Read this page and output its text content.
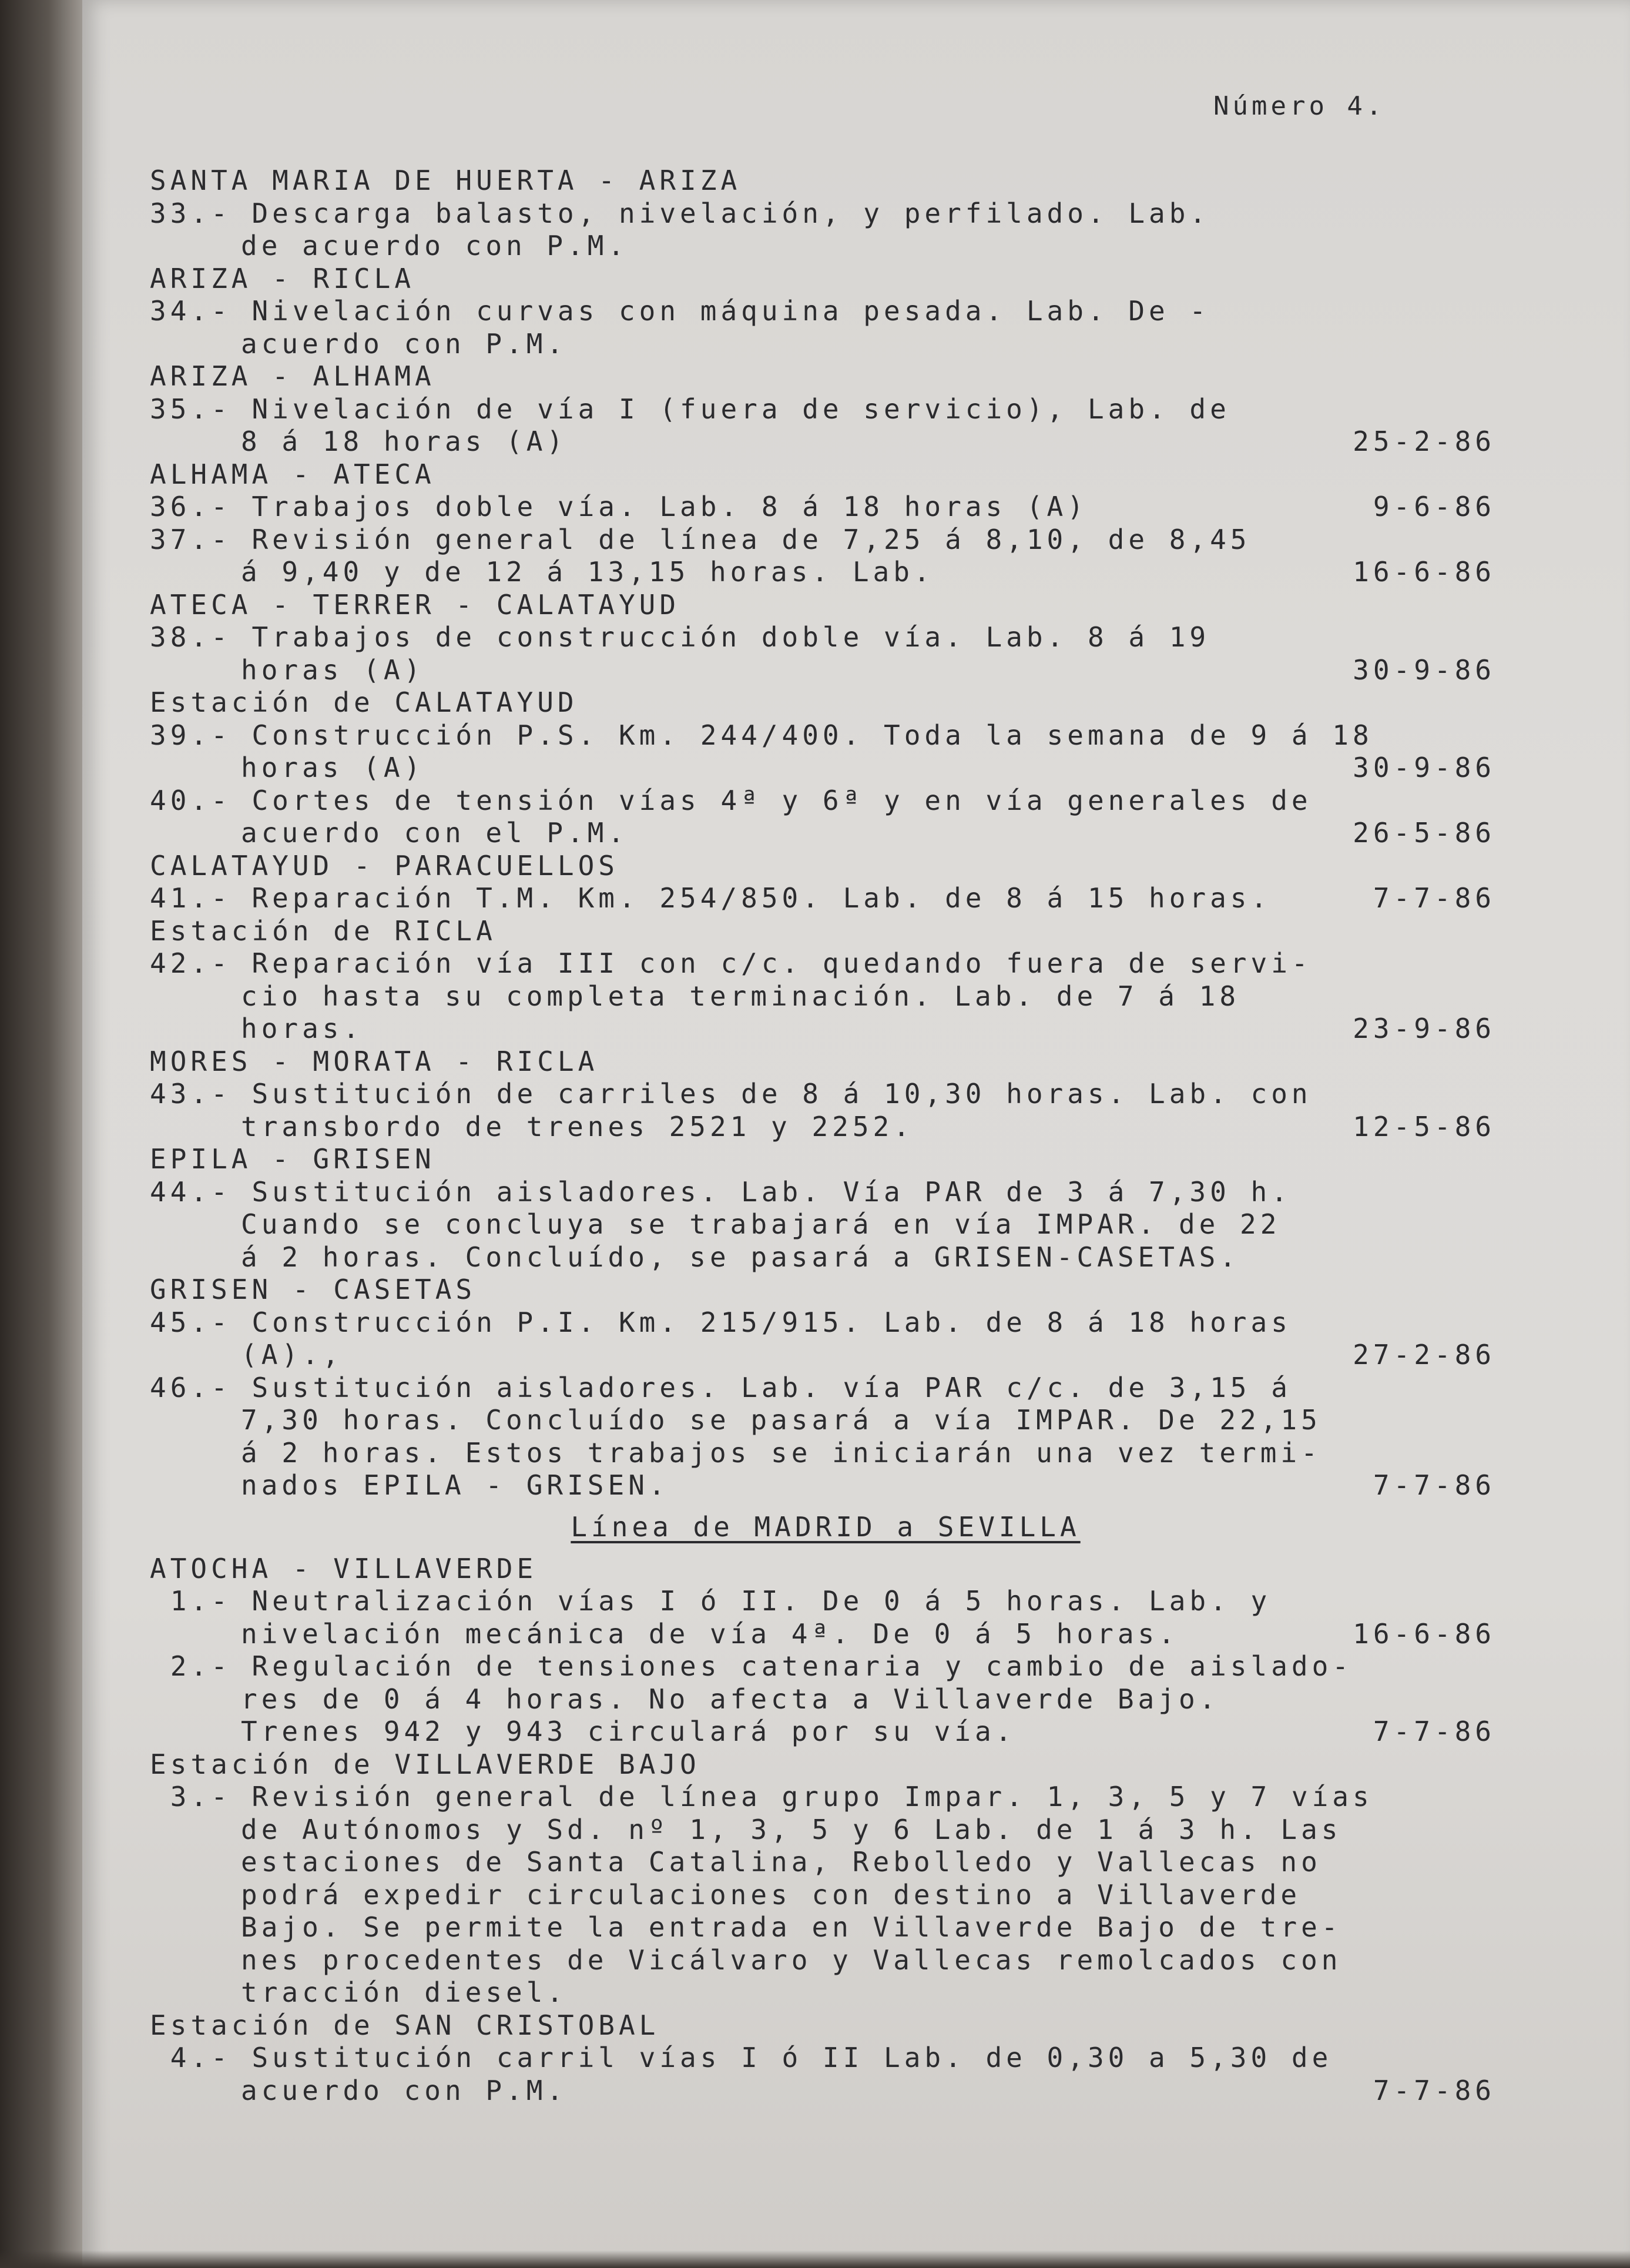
Número 4.
SANTA MARIA DE HUERTA - ARIZA
33.- Descarga balasto, nivelación, y perfilado. Lab.
de acuerdo con P.M.
ARIZA - RICLA
34.- Nivelación curvas con máquina pesada. Lab. De -
acuerdo con P.M.
ARIZA - ALHAMA
35.- Nivelación de vía I (fuera de servicio), Lab. de
8 á 18 horas (A)	25-2-86
ALHAMA - ATECA
36.- Trabajos doble vía. Lab. 8 á 18 horas (A)	9-6-86
37.- Revisión general de línea de 7,25 á 8,10, de 8,45
á 9,40 y de 12 á 13,15 horas. Lab.	16-6-86
ATECA - TERRER - CALATAYUD
38.- Trabajos de construcción doble vía. Lab. 8 á 19
horas (A)	30-9-86
Estación de CALATAYUD
39.- Construcción P.S. Km. 244/400. Toda la semana de 9 á 18
horas (A)	30-9-86
40.- Cortes de tensión vías 4ª y 6ª y en vía generales de
acuerdo con el P.M.	26-5-86
CALATAYUD - PARACUELLOS
41.- Reparación T.M. Km. 254/850. Lab. de 8 á 15 horas.	7-7-86
Estación de RICLA
42.- Reparación vía III con c/c. quedando fuera de servi-
cio hasta su completa terminación. Lab. de 7 á 18
horas.	23-9-86
MORES - MORATA - RICLA
43.- Sustitución de carriles de 8 á 10,30 horas. Lab. con
transbordo de trenes 2521 y 2252.	12-5-86
EPILA - GRISEN
44.- Sustitución aisladores. Lab. Vía PAR de 3 á 7,30 h.
Cuando se concluya se trabajará en vía IMPAR. de 22
á 2 horas. Concluído, se pasará a GRISEN-CASETAS.
GRISEN - CASETAS
45.- Construcción P.I. Km. 215/915. Lab. de 8 á 18 horas
(A).,	27-2-86
46.- Sustitución aisladores. Lab. vía PAR c/c. de 3,15 á
7,30 horas. Concluído se pasará a vía IMPAR. De 22,15
á 2 horas. Estos trabajos se iniciarán una vez termi-
nados EPILA - GRISEN.	7-7-86
Línea de MADRID a SEVILLA
ATOCHA - VILLAVERDE
1.- Neutralización vías I ó II. De 0 á 5 horas. Lab. y
nivelación mecánica de vía 4ª. De 0 á 5 horas.	16-6-86
2.- Regulación de tensiones catenaria y cambio de aislado-
res de 0 á 4 horas. No afecta a Villaverde Bajo.
Trenes 942 y 943 circulará por su vía.	7-7-86
Estación de VILLAVERDE BAJO
3.- Revisión general de línea grupo Impar. 1, 3, 5 y 7 vías
de Autónomos y Sd. nº 1, 3, 5 y 6 Lab. de 1 á 3 h. Las
estaciones de Santa Catalina, Rebolledo y Vallecas no
podrá expedir circulaciones con destino a Villaverde
Bajo. Se permite la entrada en Villaverde Bajo de tre-
nes procedentes de Vicálvaro y Vallecas remolcados con
tracción diesel.
Estación de SAN CRISTOBAL
4.- Sustitución carril vías I ó II Lab. de 0,30 a 5,30 de
acuerdo con P.M.	7-7-86
